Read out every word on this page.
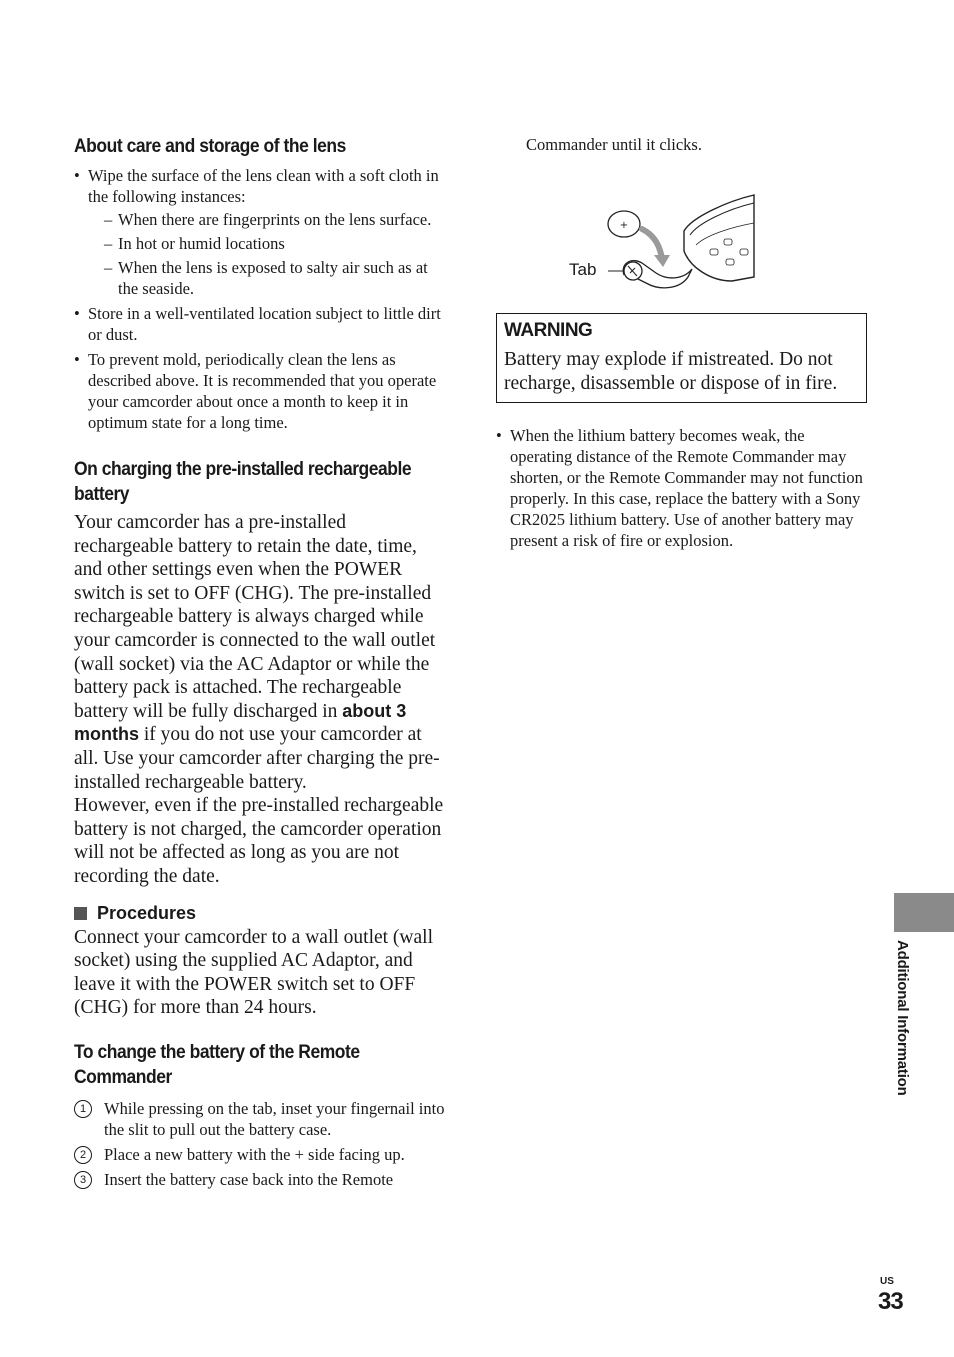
About care and storage of the lens
• Wipe the surface of the lens clean with a soft cloth in the following instances:
– When there are fingerprints on the lens surface.
– In hot or humid locations
– When the lens is exposed to salty air such as at the seaside.
• Store in a well-ventilated location subject to little dirt or dust.
• To prevent mold, periodically clean the lens as described above. It is recommended that you operate your camcorder about once a month to keep it in optimum state for a long time.
On charging the pre-installed rechargeable battery

Your camcorder has a pre-installed rechargeable battery to retain the date, time, and other settings even when the POWER switch is set to OFF (CHG). The pre-installed rechargeable battery is always charged while your camcorder is connected to the wall outlet (wall socket) via the AC Adaptor or while the battery pack is attached. The rechargeable battery will be fully discharged in about 3 months if you do not use your camcorder at all. Use your camcorder after charging the pre-installed rechargeable battery.

However, even if the pre-installed rechargeable battery is not charged, the camcorder operation will not be affected as long as you are not recording the date.

Procedures

Connect your camcorder to a wall outlet (wall socket) using the supplied AC Adaptor, and leave it with the POWER switch set to OFF (CHG) for more than 24 hours.

To change the battery of the Remote Commander
1	While pressing on the tab, inset your fingernail into the slit to pull out the battery case.
2	Place a new battery with the + side facing up.
3	Insert the battery case back into the Remote
Commander until it clicks.
+
Tab
WARNING

Battery may explode if mistreated. Do not recharge, disassemble or dispose of in fire.

• When the lithium battery becomes weak, the operating distance of the Remote Commander may shorten, or the Remote Commander may not function properly. In this case, replace the battery with a Sony CR2025 lithium battery. Use of another battery may present a risk of fire or explosion.
Additional Information
US
33
